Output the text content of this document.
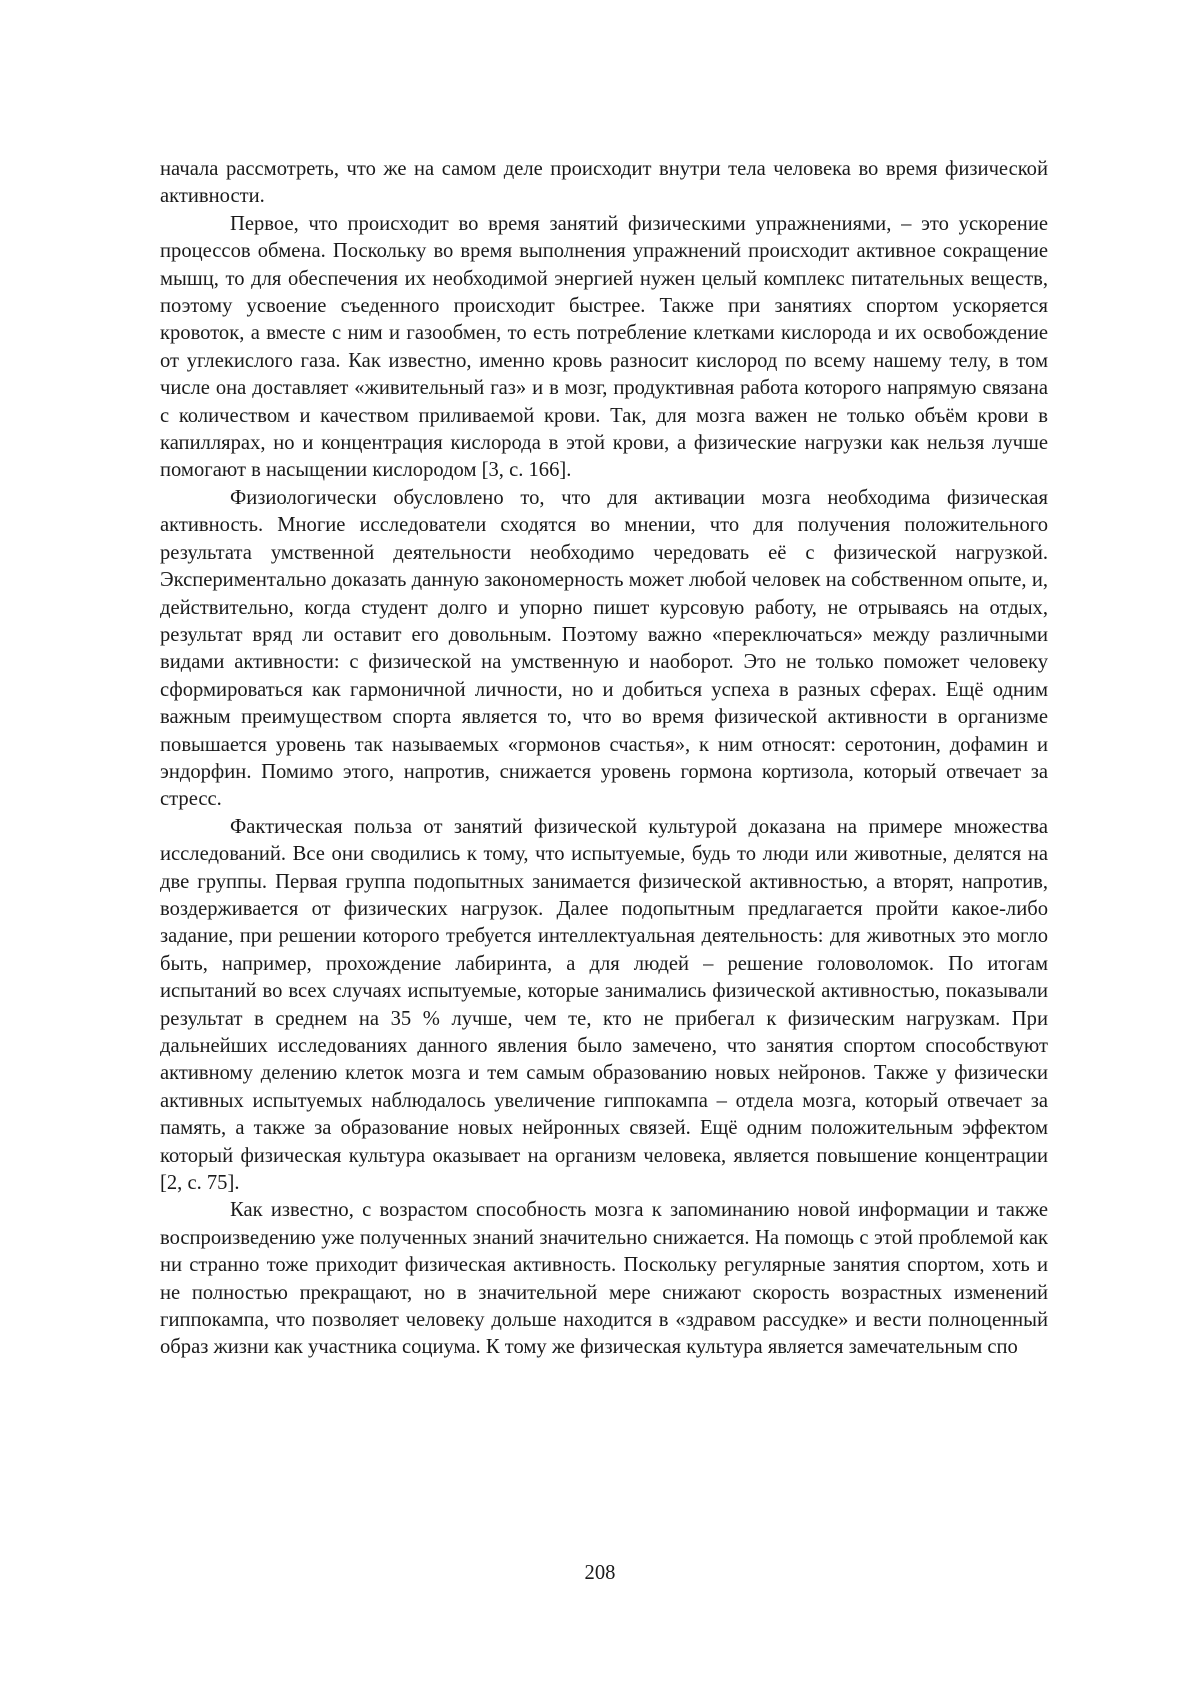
начала рассмотреть, что же на самом деле происходит внутри тела человека во время физической активности.

Первое, что происходит во время занятий физическими упражнениями, – это ускорение процессов обмена. Поскольку во время выполнения упражнений происходит активное сокращение мышц, то для обеспечения их необходимой энергией нужен целый комплекс питательных веществ, поэтому усвоение съеденного происходит быстрее. Также при занятиях спортом ускоряется кровоток, а вместе с ним и газообмен, то есть потребление клетками кислорода и их освобождение от углекислого газа. Как известно, именно кровь разносит кислород по всему нашему телу, в том числе она доставляет «живительный газ» и в мозг, продуктивная работа которого напрямую связана с количеством и качеством приливаемой крови. Так, для мозга важен не только объём крови в капиллярах, но и концентрация кислорода в этой крови, а физические нагрузки как нельзя лучше помогают в насыщении кислородом [3, с. 166].

Физиологически обусловлено то, что для активации мозга необходима физическая активность. Многие исследователи сходятся во мнении, что для получения положительного результата умственной деятельности необходимо чередовать её с физической нагрузкой. Экспериментально доказать данную закономерность может любой человек на собственном опыте, и, действительно, когда студент долго и упорно пишет курсовую работу, не отрываясь на отдых, результат вряд ли оставит его довольным. Поэтому важно «переключаться» между различными видами активности: с физической на умственную и наоборот. Это не только поможет человеку сформироваться как гармоничной личности, но и добиться успеха в разных сферах. Ещё одним важным преимуществом спорта является то, что во время физической активности в организме повышается уровень так называемых «гормонов счастья», к ним относят: серотонин, дофамин и эндорфин. Помимо этого, напротив, снижается уровень гормона кортизола, который отвечает за стресс.

Фактическая польза от занятий физической культурой доказана на примере множества исследований. Все они сводились к тому, что испытуемые, будь то люди или животные, делятся на две группы. Первая группа подопытных занимается физической активностью, а вторят, напротив, воздерживается от физических нагрузок. Далее подопытным предлагается пройти какое-либо задание, при решении которого требуется интеллектуальная деятельность: для животных это могло быть, например, прохождение лабиринта, а для людей – решение головоломок. По итогам испытаний во всех случаях испытуемые, которые занимались физической активностью, показывали результат в среднем на 35 % лучше, чем те, кто не прибегал к физическим нагрузкам. При дальнейших исследованиях данного явления было замечено, что занятия спортом способствуют активному делению клеток мозга и тем самым образованию новых нейронов. Также у физически активных испытуемых наблюдалось увеличение гиппокампа – отдела мозга, который отвечает за память, а также за образование новых нейронных связей. Ещё одним положительным эффектом который физическая культура оказывает на организм человека, является повышение концентрации [2, с. 75].

Как известно, с возрастом способность мозга к запоминанию новой информации и также воспроизведению уже полученных знаний значительно снижается. На помощь с этой проблемой как ни странно тоже приходит физическая активность. Поскольку регулярные занятия спортом, хоть и не полностью прекращают, но в значительной мере снижают скорость возрастных изменений гиппокампа, что позволяет человеку дольше находится в «здравом рассудке» и вести полноценный образ жизни как участника социума. К тому же физическая культура является замечательным спо

208
